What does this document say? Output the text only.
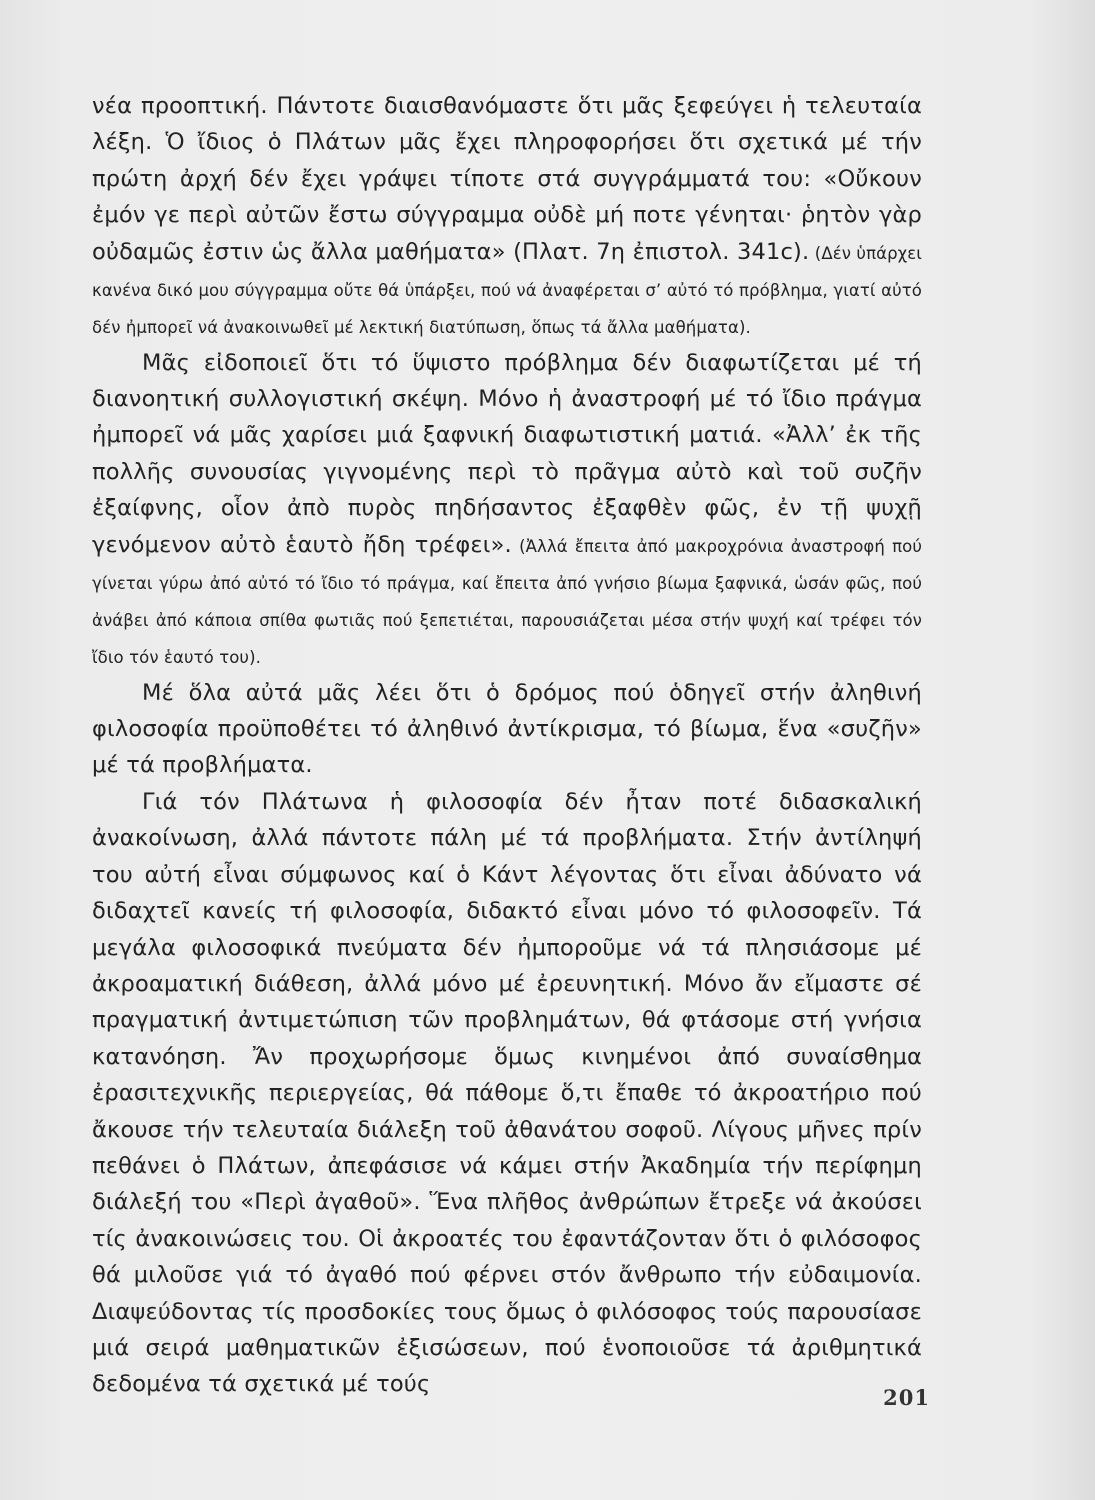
νέα προοπτική. Πάντοτε διαισθανόμαστε ὅτι μᾶς ξεφεύγει ἡ τελευταία λέξη. Ὁ ἴδιος ὁ Πλάτων μᾶς ἔχει πληροφορήσει ὅτι σχετικά μέ τήν πρώτη ἀρχή δέν ἔχει γράψει τίποτε στά συγγράμματά του: «Οὔκουν ἐμόν γε περὶ αὐτῶν ἔστω σύγγραμμα οὐδὲ μή ποτε γένηται· ῥητὸν γὰρ οὐδαμῶς ἐστιν ὡς ἄλλα μαθήματα» (Πλατ. 7η ἐπιστολ. 341c). (Δέν ὑπάρχει κανένα δικό μου σύγγραμμα οὔτε θά ὑπάρξει, πού νά ἀναφέρεται σ’ αὐτό τό πρόβλημα, γιατί αὐτό δέν ἠμπορεῖ νά ἀνακοινωθεῖ μέ λεκτική διατύπωση, ὅπως τά ἄλλα μαθήματα).

Μᾶς εἰδοποιεῖ ὅτι τό ὕψιστο πρόβλημα δέν διαφωτίζεται μέ τή διανοητική συλλογιστική σκέψη. Μόνο ἡ ἀναστροφή μέ τό ἴδιο πράγμα ἠμπορεῖ νά μᾶς χαρίσει μιά ξαφνική διαφωτιστική ματιά. «Ἀλλ’ ἐκ τῆς πολλῆς συνουσίας γιγνομένης περὶ τὸ πρᾶγμα αὐτὸ καὶ τοῦ συζῆν ἐξαίφνης, οἷον ἀπὸ πυρὸς πηδήσαντος ἐξαφθὲν φῶς, ἐν τῇ ψυχῇ γενόμενον αὐτὸ ἑαυτὸ ἤδη τρέφει». (Ἀλλά ἔπειτα ἀπό μακροχρόνια ἀναστροφή πού γίνεται γύρω ἀπό αὐτό τό ἴδιο τό πράγμα, καί ἔπειτα ἀπό γνήσιο βίωμα ξαφνικά, ὡσάν φῶς, πού ἀνάβει ἀπό κάποια σπίθα φωτιᾶς πού ξεπετιέται, παρουσιάζεται μέσα στήν ψυχή καί τρέφει τόν ἴδιο τόν ἑαυτό του).

Μέ ὅλα αὐτά μᾶς λέει ὅτι ὁ δρόμος πού ὁδηγεῖ στήν ἀληθινή φιλοσοφία προϋποθέτει τό ἀληθινό ἀντίκρισμα, τό βίωμα, ἕνα «συζῆν» μέ τά προβλήματα.

Γιά τόν Πλάτωνα ἡ φιλοσοφία δέν ἦταν ποτέ διδασκαλική ἀνακοίνωση, ἀλλά πάντοτε πάλη μέ τά προβλήματα. Στήν ἀντίληψή του αὐτή εἶναι σύμφωνος καί ὁ Κάντ λέγοντας ὅτι εἶναι ἀδύνατο νά διδαχτεῖ κανείς τή φιλοσοφία, διδακτό εἶναι μόνο τό φιλοσοφεῖν. Τά μεγάλα φιλοσοφικά πνεύματα δέν ἠμποροῦμε νά τά πλησιάσομε μέ ἀκροαματική διάθεση, ἀλλά μόνο μέ ἐρευνητική. Μόνο ἄν εἴμαστε σέ πραγματική ἀντιμετώπιση τῶν προβλημάτων, θά φτάσομε στή γνήσια κατανόηση. Ἄν προχωρήσομε ὅμως κινημένοι ἀπό συναίσθημα ἐρασιτεχνικῆς περιεργείας, θά πάθομε ὅ,τι ἔπαθε τό ἀκροατήριο πού ἄκουσε τήν τελευταία διάλεξη τοῦ ἀθανάτου σοφοῦ. Λίγους μῆνες πρίν πεθάνει ὁ Πλάτων, ἀπεφάσισε νά κάμει στήν Ἀκαδημία τήν περίφημη διάλεξή του «Περὶ ἀγαθοῦ». Ἕνα πλῆθος ἀνθρώπων ἔτρεξε νά ἀκούσει τίς ἀνακοινώσεις του. Οἱ ἀκροατές του ἐφαντάζονταν ὅτι ὁ φιλόσοφος θά μιλοῦσε γιά τό ἀγαθό πού φέρνει στόν ἄνθρωπο τήν εὐδαιμονία. Διαψεύδοντας τίς προσδοκίες τους ὅμως ὁ φιλόσοφος τούς παρουσίασε μιά σειρά μαθηματικῶν ἐξισώσεων, πού ἑνοποιοῦσε τά ἀριθμητικά δεδομένα τά σχετικά μέ τούς

201
